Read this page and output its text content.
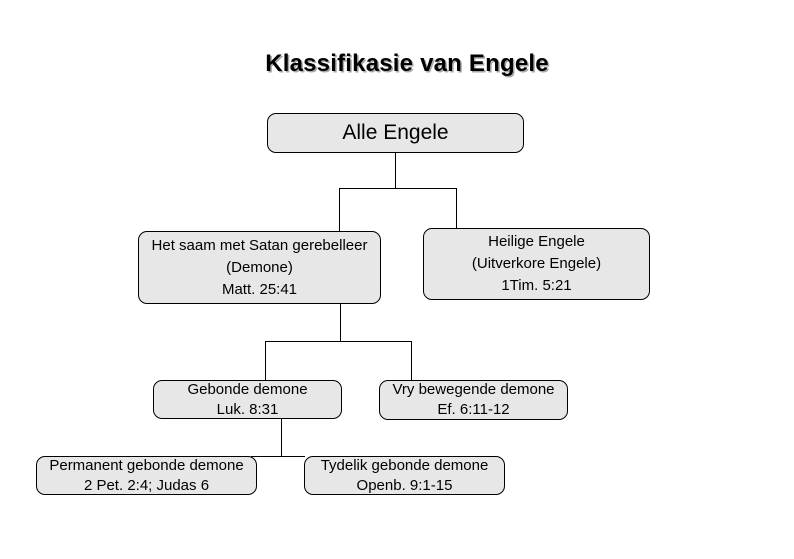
Klassifikasie van Engele
Alle Engele
Het saam met Satan gerebelleer
(Demone)
Matt. 25:41
Heilige Engele
(Uitverkore Engele)
1Tim. 5:21
Gebonde demone
Luk. 8:31
Vry bewegende demone
Ef. 6:11-12
Permanent gebonde demone
2 Pet. 2:4; Judas 6
Tydelik gebonde demone
Openb. 9:1-15
